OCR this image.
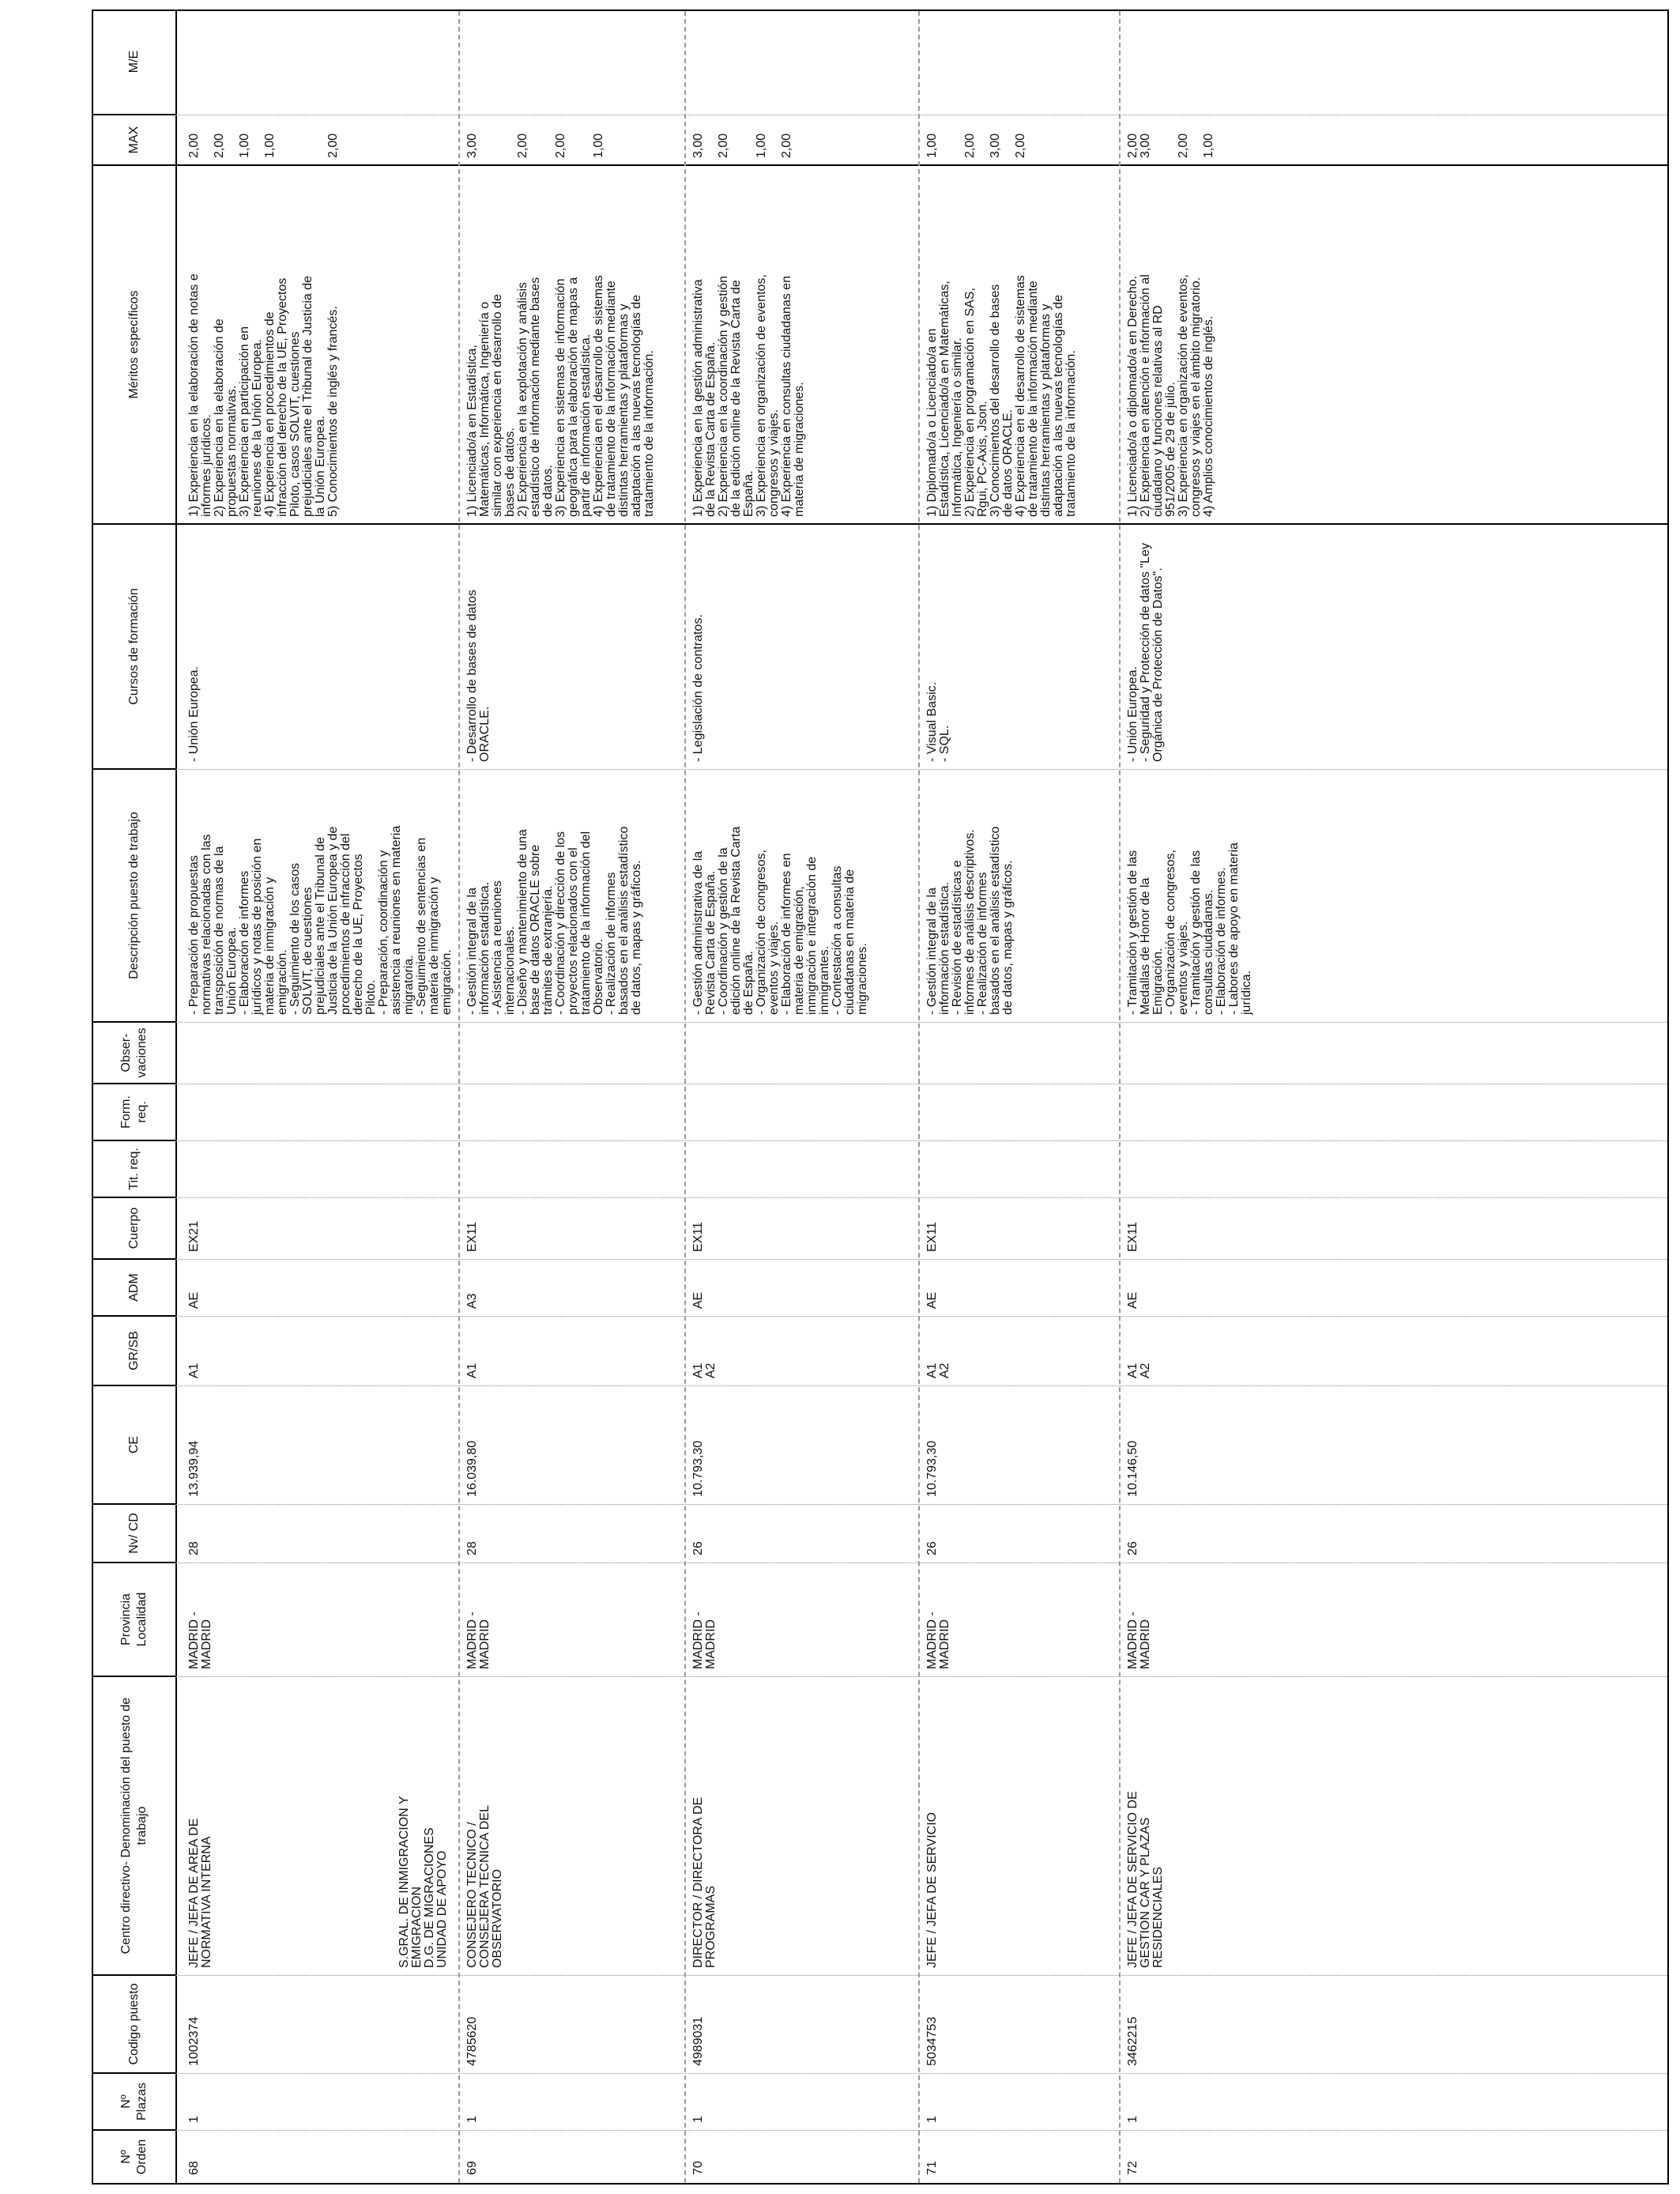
Nº Orden
Nº Plazas
Codigo puesto
Centro directivo- Denominación del puesto de trabajo
Provincia Localidad
Nv/ CD
CE
GR/SB
ADM
Cuerpo
Tit. req.
Form. req.
Obser- vaciones
Descripción puesto de trabajo
Cursos de formación
Méritos específicos
MAX
M/E
68
1
1002374
JEFE / JEFA DE AREA DE NORMATIVA INTERNA
MADRID - MADRID
28
13.939,94
A1
AE
EX21
- Preparación de propuestas normativas relacionadas con las transposición de normas de la Unión Europea. - Elaboración de informes jurídicos y notas de posición en materia de inmigración y emigración. - Seguimiento de los casos SOLVIT, de cuestiones prejudiciales ante el Tribunal de Justicia de la Unión Europea y de procedimientos de infracción del derecho de la UE, Proyectos Piloto. - Preparación, coordinación y asistencia a reuniones en materia migratoria. - Seguimiento de sentencias en materia de inmigración y emigración.
- Unión Europea.
1) Experiencia en la elaboración de notas e informes jurídicos. 2) Experiencia en la elaboración de propuestas normativas. 3) Experiencia en participación en reuniones de la Unión Europea. 4) Experiencia en procedimientos de infracción del derecho de la UE, Proyectos Piloto, casos SOLVIT, cuestiones prejudiciales ante el Tribunal de Justicia de la Unión Europea. 5) Conocimientos de inglés y francés.
2,00 2,00 1,00 1,00	2,00
69
1
4785620
S.GRAL. DE INMIGRACION Y EMIGRACION D.G. DE MIGRACIONES UNIDAD DE APOYO CONSEJERO TECNICO / CONSEJERA TECNICA DEL OBSERVATORIO
MADRID - MADRID
28
16.039,80
A1
A3
EX11
- Gestión integral de la información estadística. - Asistencia a reuniones internacionales. - Diseño y mantenimiento de una base de datos ORACLE sobre trámites de extranjería. - Coordinación y dirección de los proyectos relacionados con el tratamiento de la información del Observatorio. - Realización de informes basados en el análisis estadístico de datos, mapas y gráficos.
- Desarrollo de bases de datos ORACLE.
1) Licenciado/a en Estadística, Matemáticas, Informática, Ingeniería o similar con experiencia en desarrollo de bases de datos. 2) Experiencia en la explotación y análisis estadístico de información mediante bases de datos. 3) Experiencia en sistemas de información geográfica para la elaboración de mapas a partir de información estadística. 4) Experiencia en el desarrollo de sistemas de tratamiento de la información mediante distintas herramientas y plataformas y adaptación a las nuevas tecnologías de tratamiento de la información.
3,00	2,00 2,00 1,00
70
1
4989031
DIRECTOR / DIRECTORA DE PROGRAMAS
MADRID - MADRID
26
10.793,30
A1 A2
AE
EX11
- Gestión administrativa de la Revista Carta de España. - Coordinación y gestión de la edición online de la Revista Carta de España. - Organización de congresos, eventos y viajes. - Elaboración de informes en materia de emigración, inmigración e integración de inmigrantes. - Contestación a consultas ciudadanas en materia de migraciones.
- Legislación de contratos.
1) Experiencia en la gestión administrativa de la Revista Carta de España. 2) Experiencia en la coordinación y gestión de la edición online de la Revista Carta de España. 3) Experiencia en organización de eventos, congresos y viajes. 4) Experiencia en consultas ciudadanas en materia de migraciones.
3,00 2,00 1,00 2,00
71
1
5034753
JEFE / JEFA DE SERVICIO
MADRID - MADRID
26
10.793,30
A1 A2
AE
EX11
- Gestión integral de la información estadística. - Revisión de estadísticas e informes de análisis descriptivos. - Realización de informes basados en el análisis estadístico de datos, mapas y gráficos.
- Visual Basic. - SQL.
1) Diplomado/a o Licenciado/a en Estadística, Licenciado/a en Matemáticas, Informática, Ingeniería o similar. 2) Experiencia en programación en SAS, Rgui, PC-Axis, Json. 3) Conocimientos del desarrollo de bases de datos ORACLE. 4) Experiencia en el desarrollo de sistemas de tratamiento de la información mediante distintas herramientas y plataformas y adaptación a las nuevas tecnologías de tratamiento de la información.
1,00 2,00 3,00 2,00
72
1
3462215
JEFE / JEFA DE SERVICIO DE GESTION CAR Y PLAZAS RESIDENCIALES
MADRID - MADRID
26
10.146,50
A1 A2
AE
EX11
- Tramitación y gestión de las Medallas de Honor de la Emigración. - Organización de congresos, eventos y viajes. - Tramitación y gestión de las consultas ciudadanas. - Elaboración de informes. - Labores de apoyo en materia jurídica.
- Unión Europea. - Seguridad y Protección de datos "Ley Orgánica de Protección de Datos".
1) Licenciado/a o diplomado/a en Derecho. 2) Experiencia en atención e información al ciudadano y funciones relativas al RD 951/2005 de 29 de julio. 3) Experiencia en organización de eventos, congresos y viajes en el ámbito migratorio. 4) Amplios conocimientos de inglés.
2,00 3,00 2,00 1,00
